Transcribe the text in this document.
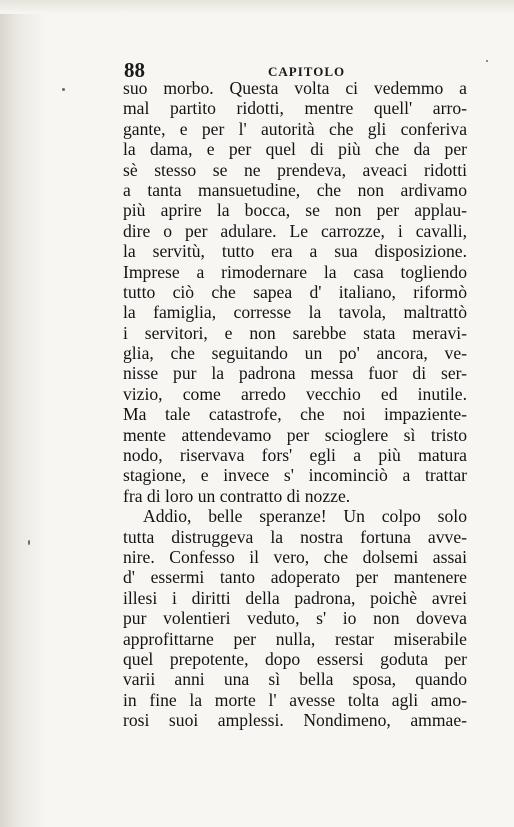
88	CAPITOLO
suo morbo. Questa volta ci vedemmo a
mal partito ridotti, mentre quell' arro-
gante, e per l' autorità che gli conferiva
la dama, e per quel di più che da per
sè stesso se ne prendeva, aveaci ridotti
a tanta mansuetudine, che non ardivamo
più aprire la bocca, se non per applau-
dire o per adulare. Le carrozze, i cavalli,
la servitù, tutto era a sua disposizione.
Imprese a rimodernare la casa togliendo
tutto ciò che sapea d' italiano, riformò
la famiglia, corresse la tavola, maltrattò
i servitori, e non sarebbe stata meravi-
glia, che seguitando un po' ancora, ve-
nisse pur la padrona messa fuor di ser-
vizio, come arredo vecchio ed inutile.
Ma tale catastrofe, che noi impaziente-
mente attendevamo per scioglere sì tristo
nodo, riservava fors' egli a più matura
stagione, e invece s' incominciò a trattar
fra di loro un contratto di nozze.
Addio, belle speranze! Un colpo solo
tutta distruggeva la nostra fortuna avve-
nire. Confesso il vero, che dolsemi assai
d' essermi tanto adoperato per mantenere
illesi i diritti della padrona, poichè avrei
pur volentieri veduto, s' io non doveva
approfittarne per nulla, restar miserabile
quel prepotente, dopo essersi goduta per
varii anni una sì bella sposa, quando
in fine la morte l' avesse tolta agli amo-
rosi suoi amplessi. Nondimeno, ammae-
